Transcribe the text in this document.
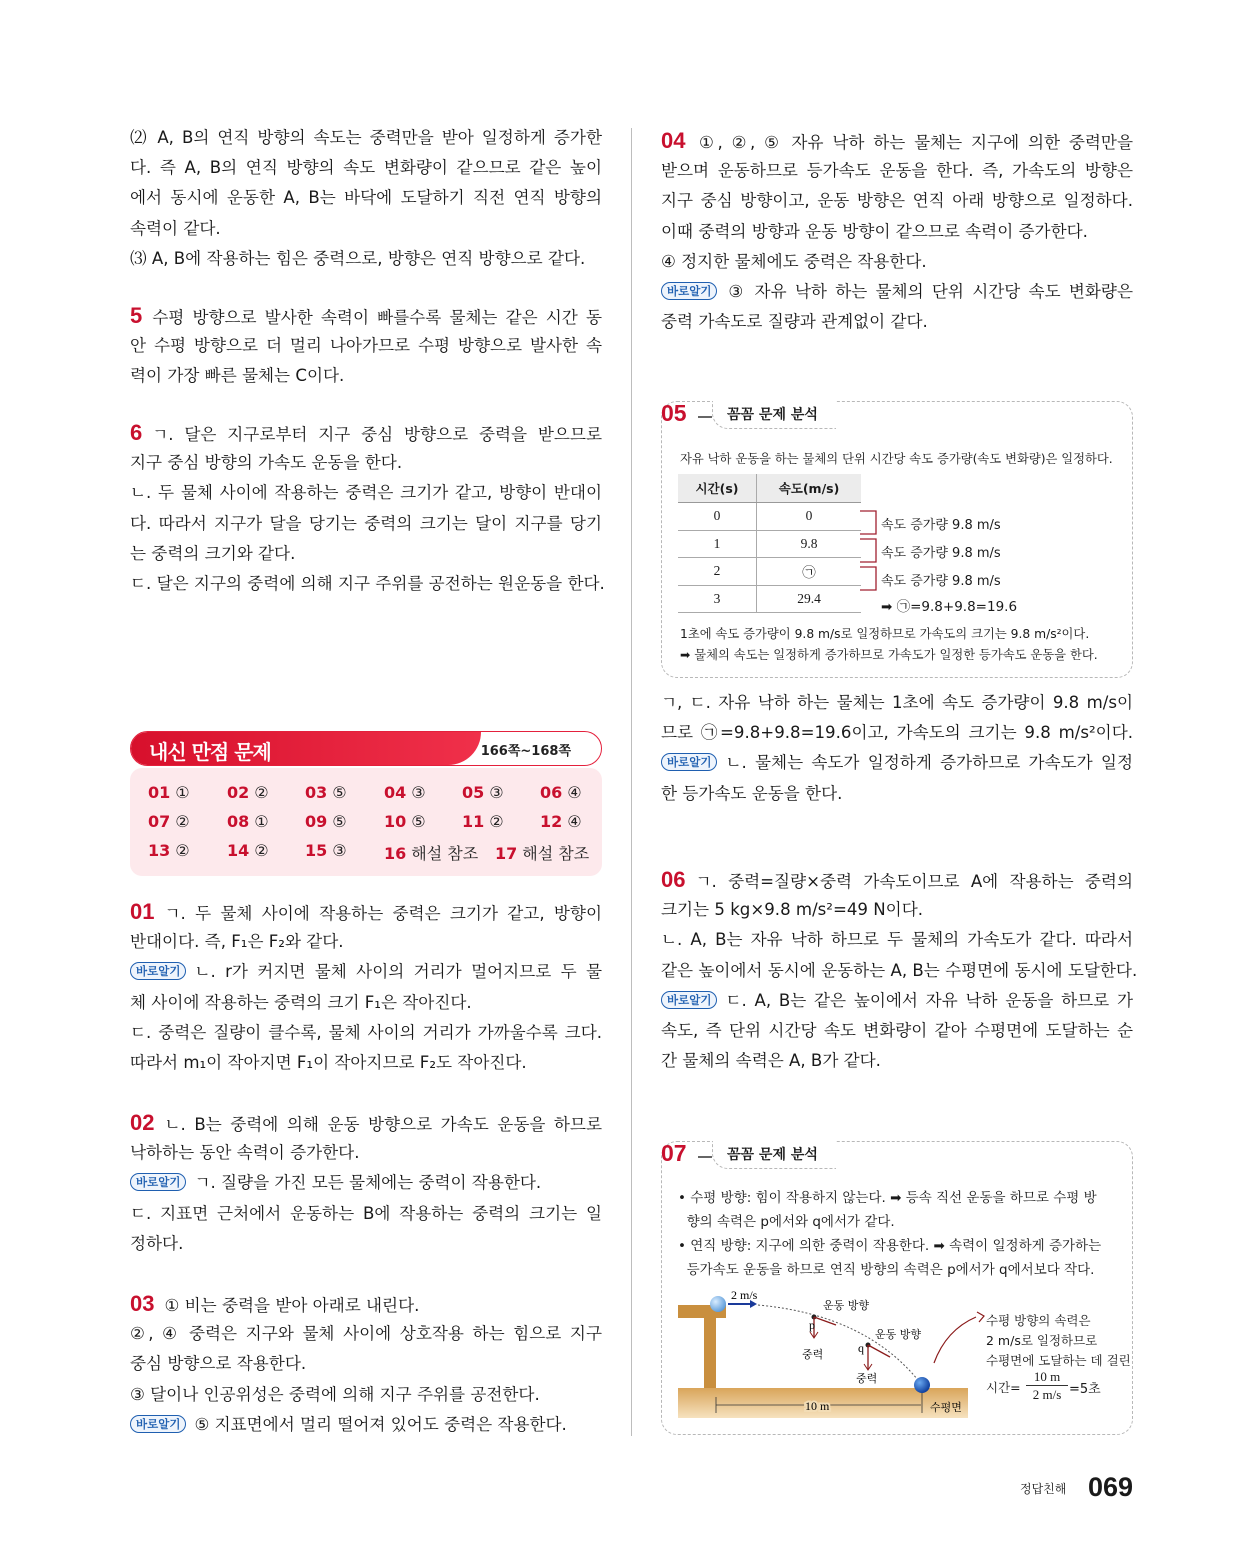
⑵ A, B의 연직 방향의 속도는 중력만을 받아 일정하게 증가한
다. 즉 A, B의 연직 방향의 속도 변화량이 같으므로 같은 높이
에서 동시에 운동한 A, B는 바닥에 도달하기 직전 연직 방향의
속력이 같다.
⑶ A, B에 작용하는 힘은 중력으로, 방향은 연직 방향으로 같다.
5 수평 방향으로 발사한 속력이 빠를수록 물체는 같은 시간 동
안 수평 방향으로 더 멀리 나아가므로 수평 방향으로 발사한 속
력이 가장 빠른 물체는 C이다.
6 ㄱ. 달은 지구로부터 지구 중심 방향으로 중력을 받으므로
지구 중심 방향의 가속도 운동을 한다.
ㄴ. 두 물체 사이에 작용하는 중력은 크기가 같고, 방향이 반대이
다. 따라서 지구가 달을 당기는 중력의 크기는 달이 지구를 당기
는 중력의 크기와 같다.
ㄷ. 달은 지구의 중력에 의해 지구 주위를 공전하는 원운동을 한다.
내신 만점 문제	166쪽~168쪽
01 ㄱ. 두 물체 사이에 작용하는 중력은 크기가 같고, 방향이
반대이다. 즉, F₁은 F₂와 같다.
바로알기 ㄴ. r가 커지면 물체 사이의 거리가 멀어지므로 두 물
체 사이에 작용하는 중력의 크기 F₁은 작아진다.
ㄷ. 중력은 질량이 클수록, 물체 사이의 거리가 가까울수록 크다.
따라서 m₁이 작아지면 F₁이 작아지므로 F₂도 작아진다.
02 ㄴ. B는 중력에 의해 운동 방향으로 가속도 운동을 하므로
낙하하는 동안 속력이 증가한다.
바로알기 ㄱ. 질량을 가진 모든 물체에는 중력이 작용한다.
ㄷ. 지표면 근처에서 운동하는 B에 작용하는 중력의 크기는 일
정하다.
03 ① 비는 중력을 받아 아래로 내린다.
②, ④ 중력은 지구와 물체 사이에 상호작용 하는 힘으로 지구
중심 방향으로 작용한다.
③ 달이나 인공위성은 중력에 의해 지구 주위를 공전한다.
바로알기 ⑤ 지표면에서 멀리 떨어져 있어도 중력은 작용한다.
04 ①, ②, ⑤ 자유 낙하 하는 물체는 지구에 의한 중력만을
받으며 운동하므로 등가속도 운동을 한다. 즉, 가속도의 방향은
지구 중심 방향이고, 운동 방향은 연직 아래 방향으로 일정하다.
이때 중력의 방향과 운동 방향이 같으므로 속력이 증가한다.
④ 정지한 물체에도 중력은 작용한다.
바로알기 ③ 자유 낙하 하는 물체의 단위 시간당 속도 변화량은
중력 가속도로 질량과 관계없이 같다.
05	꼼꼼 문제 분석
자유 낙하 운동을 하는 물체의 단위 시간당 속도 증가량(속도 변화량)은 일정하다.
시간(s)	속도(m/s)
0	0
1	9.8
2	㉠
3	29.4
속도 증가량 9.8 m/s
속도 증가량 9.8 m/s
속도 증가량 9.8 m/s
➡ ㉠=9.8+9.8=19.6
1초에 속도 증가량이 9.8 m/s로 일정하므로 가속도의 크기는 9.8 m/s²이다.
➡ 물체의 속도는 일정하게 증가하므로 가속도가 일정한 등가속도 운동을 한다.
ㄱ, ㄷ. 자유 낙하 하는 물체는 1초에 속도 증가량이 9.8 m/s이
므로 ㉠=9.8+9.8=19.6이고, 가속도의 크기는 9.8 m/s²이다.
바로알기 ㄴ. 물체는 속도가 일정하게 증가하므로 가속도가 일정
한 등가속도 운동을 한다.
06 ㄱ. 중력=질량×중력 가속도이므로 A에 작용하는 중력의
크기는 5 kg×9.8 m/s²=49 N이다.
ㄴ. A, B는 자유 낙하 하므로 두 물체의 가속도가 같다. 따라서
같은 높이에서 동시에 운동하는 A, B는 수평면에 동시에 도달한다.
바로알기 ㄷ. A, B는 같은 높이에서 자유 낙하 운동을 하므로 가
속도, 즉 단위 시간당 속도 변화량이 같아 수평면에 도달하는 순
간 물체의 속력은 A, B가 같다.
07	꼼꼼 문제 분석
• 수평 방향: 힘이 작용하지 않는다. ➡ 등속 직선 운동을 하므로 수평 방
향의 속력은 p에서와 q에서가 같다.
• 연직 방향: 지구에 의한 중력이 작용한다. ➡ 속력이 일정하게 증가하는
등가속도 운동을 하므로 연직 방향의 속력은 p에서가 q에서보다 작다.
2 m/s
운동 방향
p
중력
운동 방향
q
중력
10 m	수평면
수평 방향의 속력은
2 m/s로 일정하므로
수평면에 도달하는 데 걸린
시간=
10 m
2 m/s =5초
정답친해 069
01 ① 02 ② 03 ⑤ 04 ③ 05 ③ 06 ④
07 ② 08 ① 09 ⑤ 10 ⑤ 11 ② 12 ④
13 ② 14 ② 15 ③ 16 해설 참조 17 해설 참조
